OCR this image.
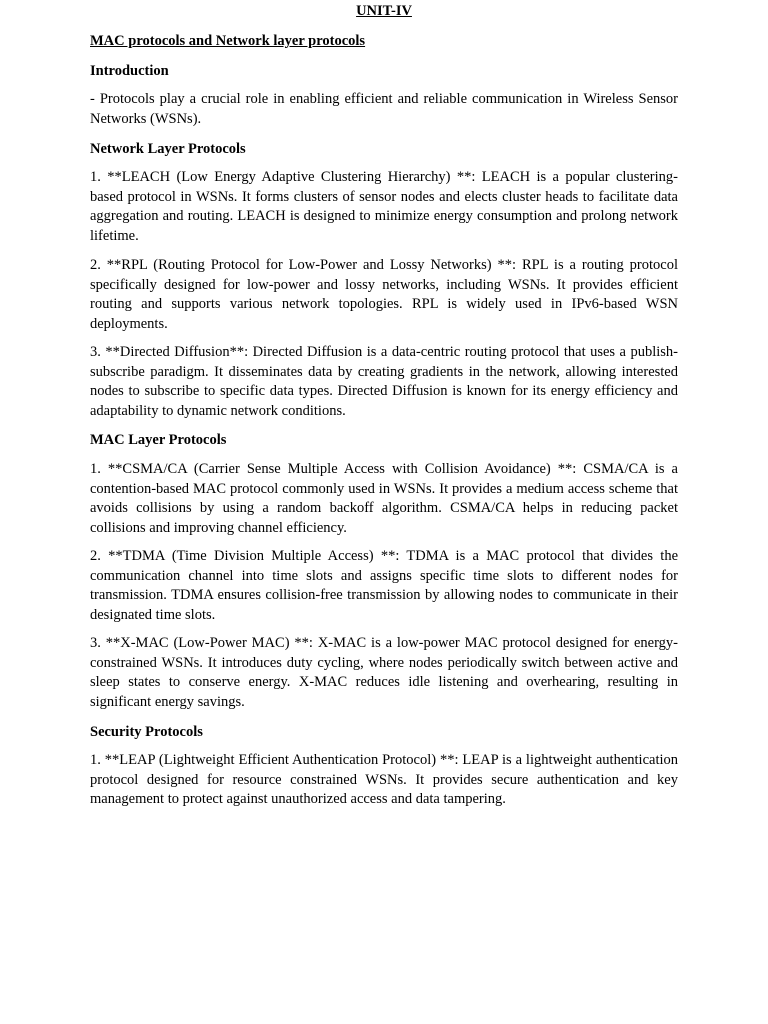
UNIT-IV
MAC protocols and Network layer protocols
Introduction

- Protocols play a crucial role in enabling efficient and reliable communication in Wireless Sensor Networks (WSNs).

Network Layer Protocols

1. **LEACH (Low Energy Adaptive Clustering Hierarchy) **: LEACH is a popular clustering-based protocol in WSNs. It forms clusters of sensor nodes and elects cluster heads to facilitate data aggregation and routing. LEACH is designed to minimize energy consumption and prolong network lifetime.

2. **RPL (Routing Protocol for Low-Power and Lossy Networks) **: RPL is a routing protocol specifically designed for low-power and lossy networks, including WSNs. It provides efficient routing and supports various network topologies. RPL is widely used in IPv6-based WSN deployments.

3. **Directed Diffusion**: Directed Diffusion is a data-centric routing protocol that uses a publish-subscribe paradigm. It disseminates data by creating gradients in the network, allowing interested nodes to subscribe to specific data types. Directed Diffusion is known for its energy efficiency and adaptability to dynamic network conditions.

MAC Layer Protocols

1. **CSMA/CA (Carrier Sense Multiple Access with Collision Avoidance) **: CSMA/CA is a contention-based MAC protocol commonly used in WSNs. It provides a medium access scheme that avoids collisions by using a random backoff algorithm. CSMA/CA helps in reducing packet collisions and improving channel efficiency.

2. **TDMA (Time Division Multiple Access) **: TDMA is a MAC protocol that divides the communication channel into time slots and assigns specific time slots to different nodes for transmission. TDMA ensures collision-free transmission by allowing nodes to communicate in their designated time slots.

3. **X-MAC (Low-Power MAC) **: X-MAC is a low-power MAC protocol designed for energy-constrained WSNs. It introduces duty cycling, where nodes periodically switch between active and sleep states to conserve energy. X-MAC reduces idle listening and overhearing, resulting in significant energy savings.

Security Protocols

1. **LEAP (Lightweight Efficient Authentication Protocol) **: LEAP is a lightweight authentication protocol designed for resource constrained WSNs. It provides secure authentication and key management to protect against unauthorized access and data tampering.
